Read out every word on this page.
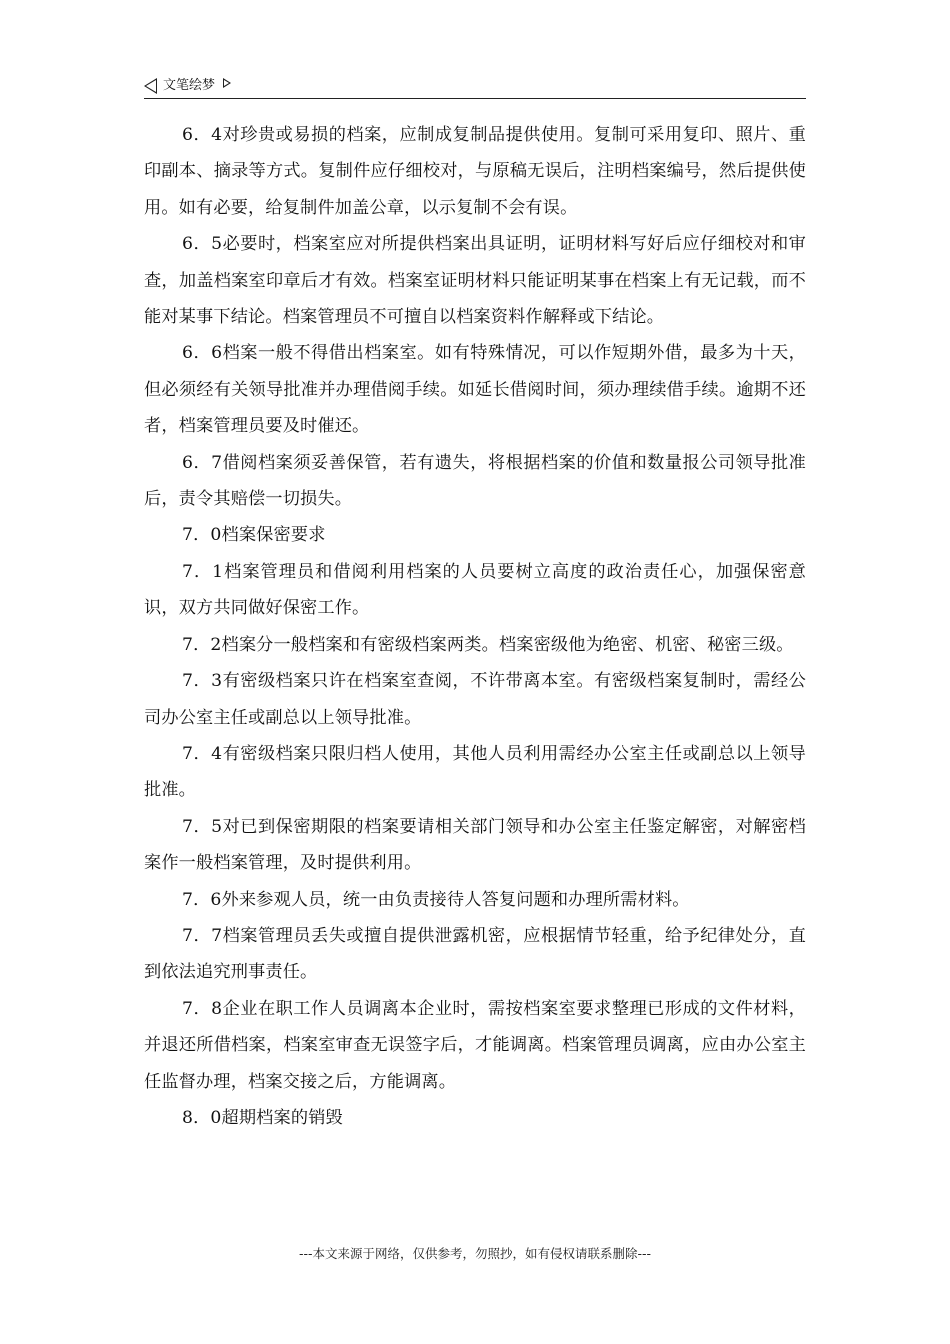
文笔绘梦

6．4对珍贵或易损的档案，应制成复制品提供使用。复制可采用复印、照片、重印副本、摘录等方式。复制件应仔细校对，与原稿无误后，注明档案编号，然后提供使用。如有必要，给复制件加盖公章，以示复制不会有误。

6．5必要时，档案室应对所提供档案出具证明，证明材料写好后应仔细校对和审查，加盖档案室印章后才有效。档案室证明材料只能证明某事在档案上有无记载，而不能对某事下结论。档案管理员不可擅自以档案资料作解释或下结论。

6．6档案一般不得借出档案室。如有特殊情况，可以作短期外借，最多为十天，但必须经有关领导批准并办理借阅手续。如延长借阅时间，须办理续借手续。逾期不还者，档案管理员要及时催还。

6．7借阅档案须妥善保管，若有遗失，将根据档案的价值和数量报公司领导批准后，责令其赔偿一切损失。

7．0档案保密要求

7．1档案管理员和借阅利用档案的人员要树立高度的政治责任心，加强保密意识，双方共同做好保密工作。

7．2档案分一般档案和有密级档案两类。档案密级他为绝密、机密、秘密三级。

7．3有密级档案只许在档案室查阅，不许带离本室。有密级档案复制时，需经公司办公室主任或副总以上领导批准。

7．4有密级档案只限归档人使用，其他人员利用需经办公室主任或副总以上领导批准。

7．5对已到保密期限的档案要请相关部门领导和办公室主任鉴定解密，对解密档案作一般档案管理，及时提供利用。

7．6外来参观人员，统一由负责接待人答复问题和办理所需材料。

7．7档案管理员丢失或擅自提供泄露机密，应根据情节轻重，给予纪律处分，直到依法追究刑事责任。

7．8企业在职工作人员调离本企业时，需按档案室要求整理已形成的文件材料，并退还所借档案，档案室审查无误签字后，才能调离。档案管理员调离，应由办公室主任监督办理，档案交接之后，方能调离。

8．0超期档案的销毁

---本文来源于网络，仅供参考，勿照抄，如有侵权请联系删除---
